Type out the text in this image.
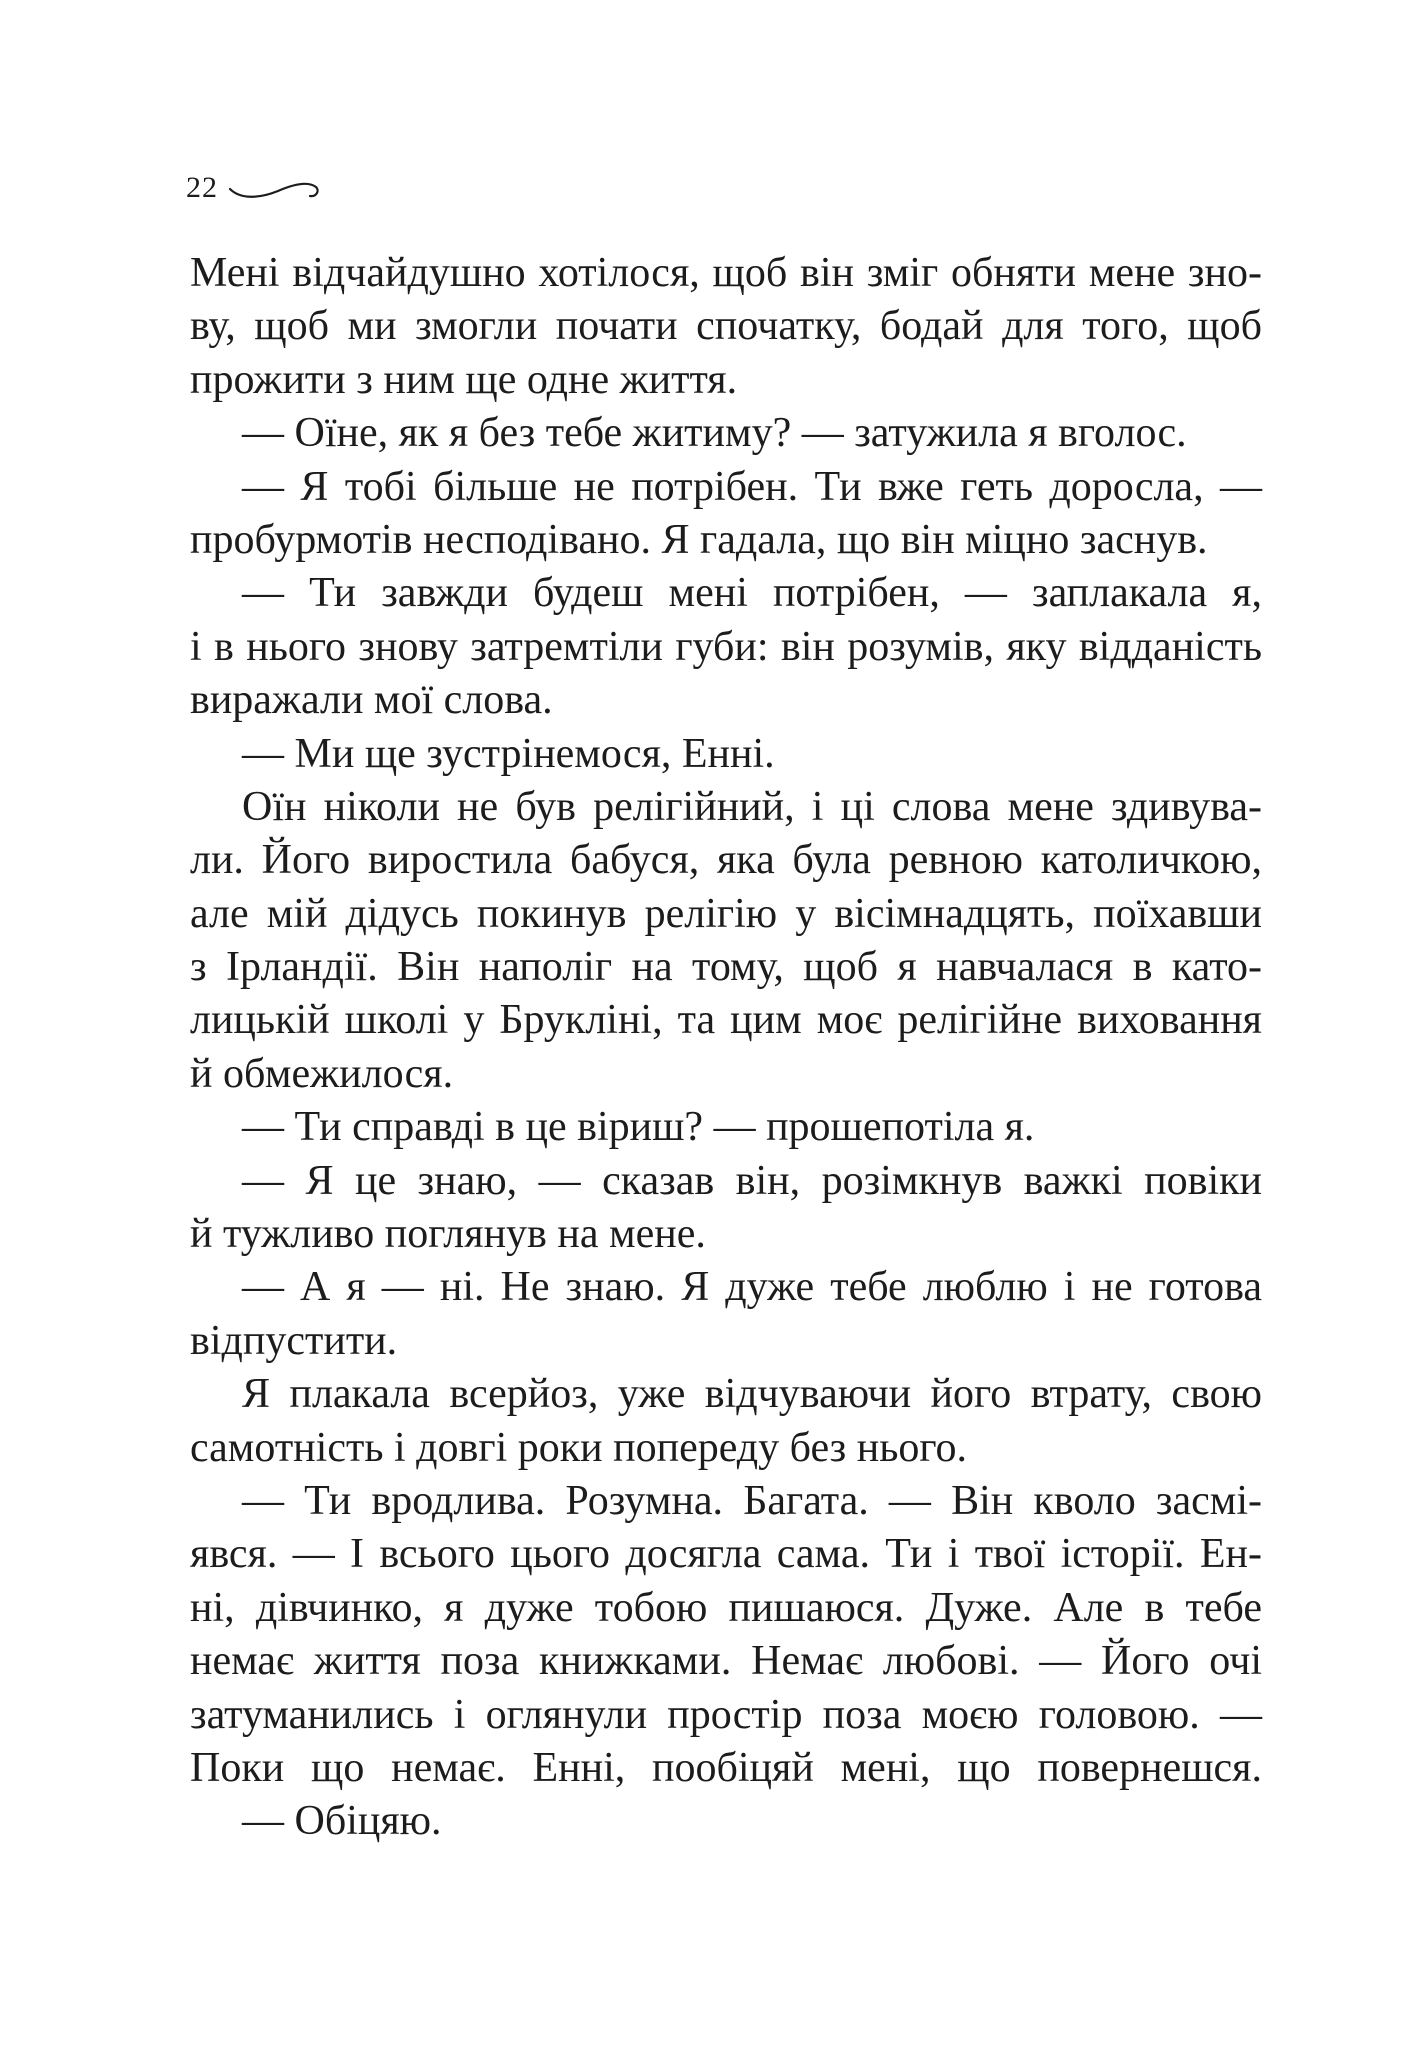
22
Мені відчайдушно хотілося, щоб він зміг обняти мене зно-
ву, щоб ми змогли почати спочатку, бодай для того, щоб
прожити з ним ще одне життя.
— Оїне, як я без тебе житиму? — затужила я вголос.
— Я тобі більше не потрібен. Ти вже геть доросла, —
пробурмотів несподівано. Я гадала, що він міцно заснув.
— Ти завжди будеш мені потрібен, — заплакала я,
і в нього знову затремтіли губи: він розумів, яку відданість
виражали мої слова.
— Ми ще зустрінемося, Енні.
Оїн ніколи не був релігійний, і ці слова мене здивува-
ли. Його виростила бабуся, яка була ревною католичкою,
але мій дідусь покинув релігію у вісімнадцять, поїхавши
з Ірландії. Він наполіг на тому, щоб я навчалася в като-
лицькій школі у Брукліні, та цим моє релігійне виховання
й обмежилося.
— Ти справді в це віриш? — прошепотіла я.
— Я це знаю, — сказав він, розімкнув важкі повіки
й тужливо поглянув на мене.
— А я — ні. Не знаю. Я дуже тебе люблю і не готова
відпустити.
Я плакала всерйоз, уже відчуваючи його втрату, свою
самотність і довгі роки попереду без нього.
— Ти вродлива. Розумна. Багата. — Він кволо засмі-
явся. — І всього цього досягла сама. Ти і твої історії. Ен-
ні, дівчинко, я дуже тобою пишаюся. Дуже. Але в тебе
немає життя поза книжками. Немає любові. — Його очі
затуманились і оглянули простір поза моєю головою. —
Поки що немає. Енні, пообіцяй мені, що повернешся.
— Обіцяю.
